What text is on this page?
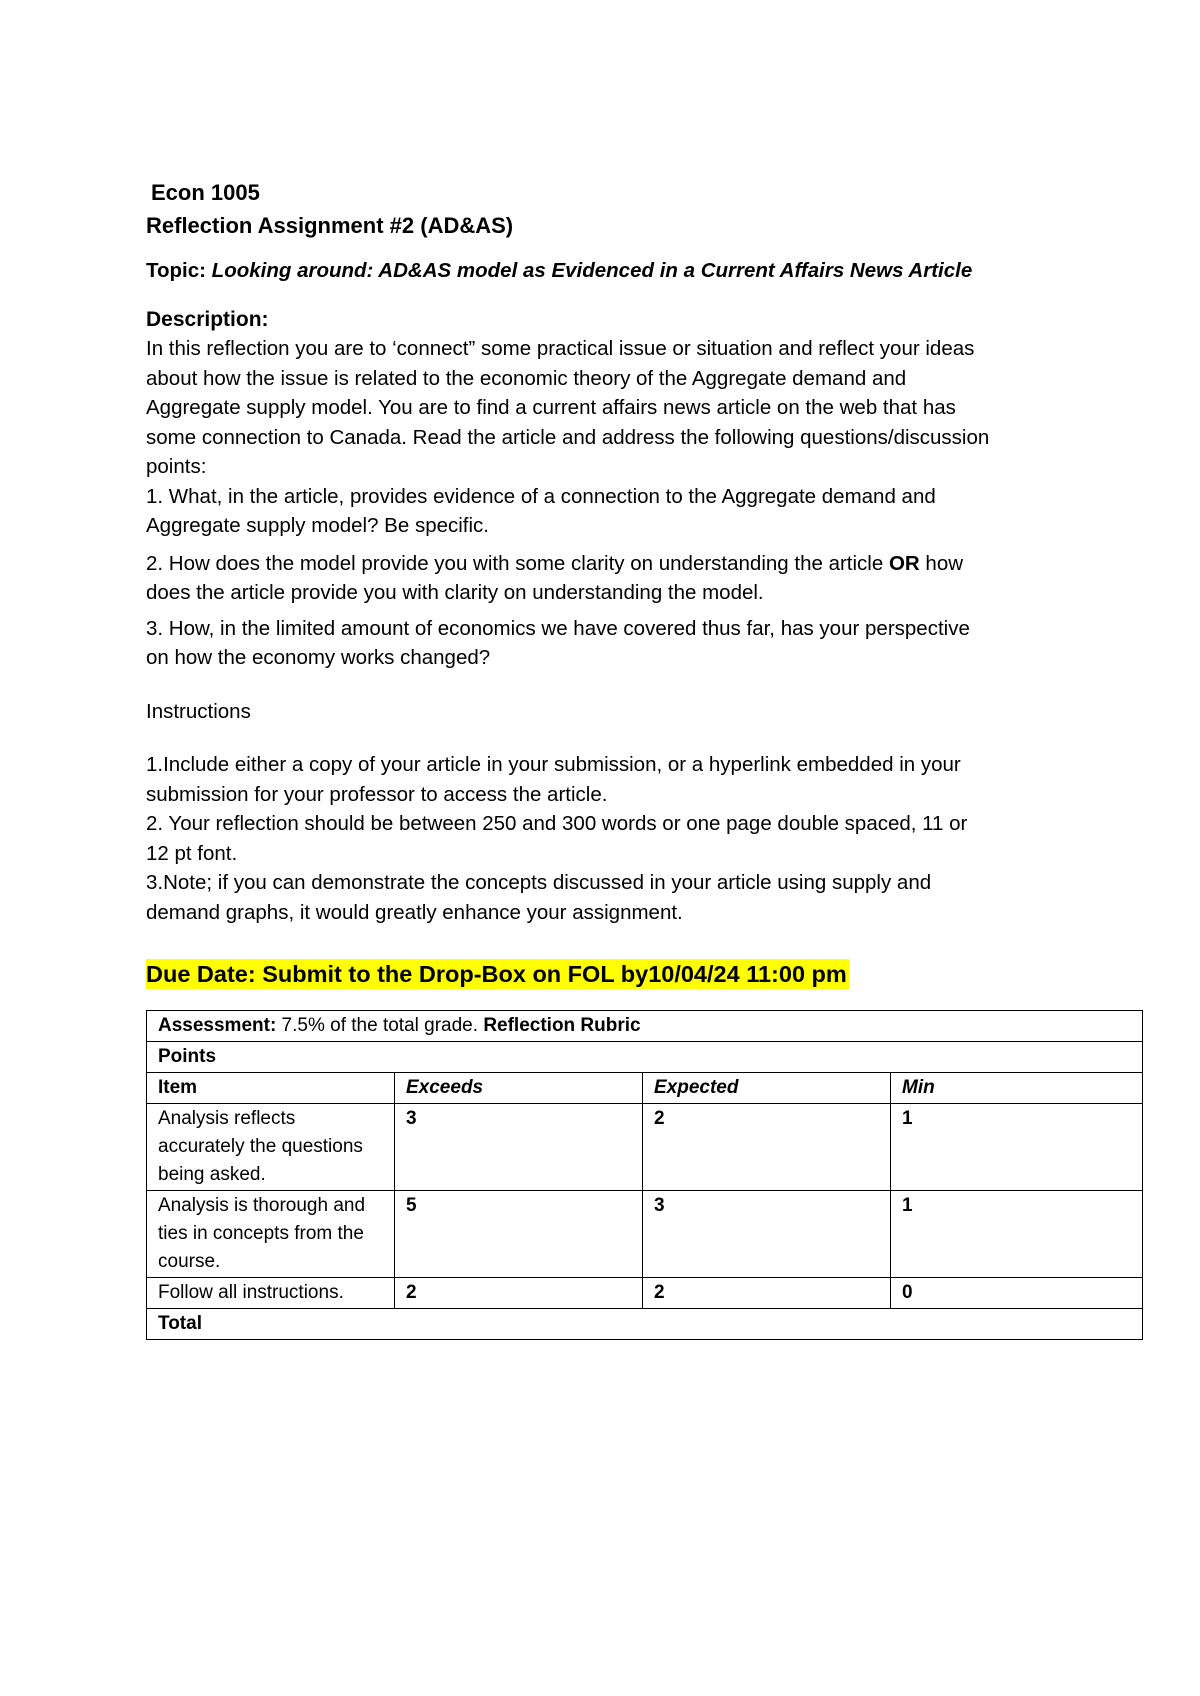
Econ 1005

Reflection Assignment #2 (AD&AS)

Topic: Looking around: AD&AS model as Evidenced in a Current Affairs News Article

Description:

In this reflection you are to ‘connect” some practical issue or situation and reflect your ideas

about how the issue is related to the economic theory of the Aggregate demand and

Aggregate supply model. You are to find a current affairs news article on the web that has

some connection to Canada. Read the article and address the following questions/discussion

points:

1. What, in the article, provides evidence of a connection to the Aggregate demand and

Aggregate supply model? Be specific.

2. How does the model provide you with some clarity on understanding the article OR how

does the article provide you with clarity on understanding the model.

3. How, in the limited amount of economics we have covered thus far, has your perspective

on how the economy works changed?

Instructions

1.Include either a copy of your article in your submission, or a hyperlink embedded in your

submission for your professor to access the article.

2. Your reflection should be between 250 and 300 words or one page double spaced, 11 or

12 pt font.

3.Note; if you can demonstrate the concepts discussed in your article using supply and

demand graphs, it would greatly enhance your assignment.

Due Date: Submit to the Drop-Box on FOL by10/04/24 11:00 pm

Assessment: 7.5% of the total grade. Reflection Rubric			
Points			
Item	Exceeds	Expected	Min
Analysis reflects accurately the questions being asked.	3	2	1
Analysis is thorough and ties in concepts from the course.	5	3	1
Follow all instructions.	2	2	0
Total			
